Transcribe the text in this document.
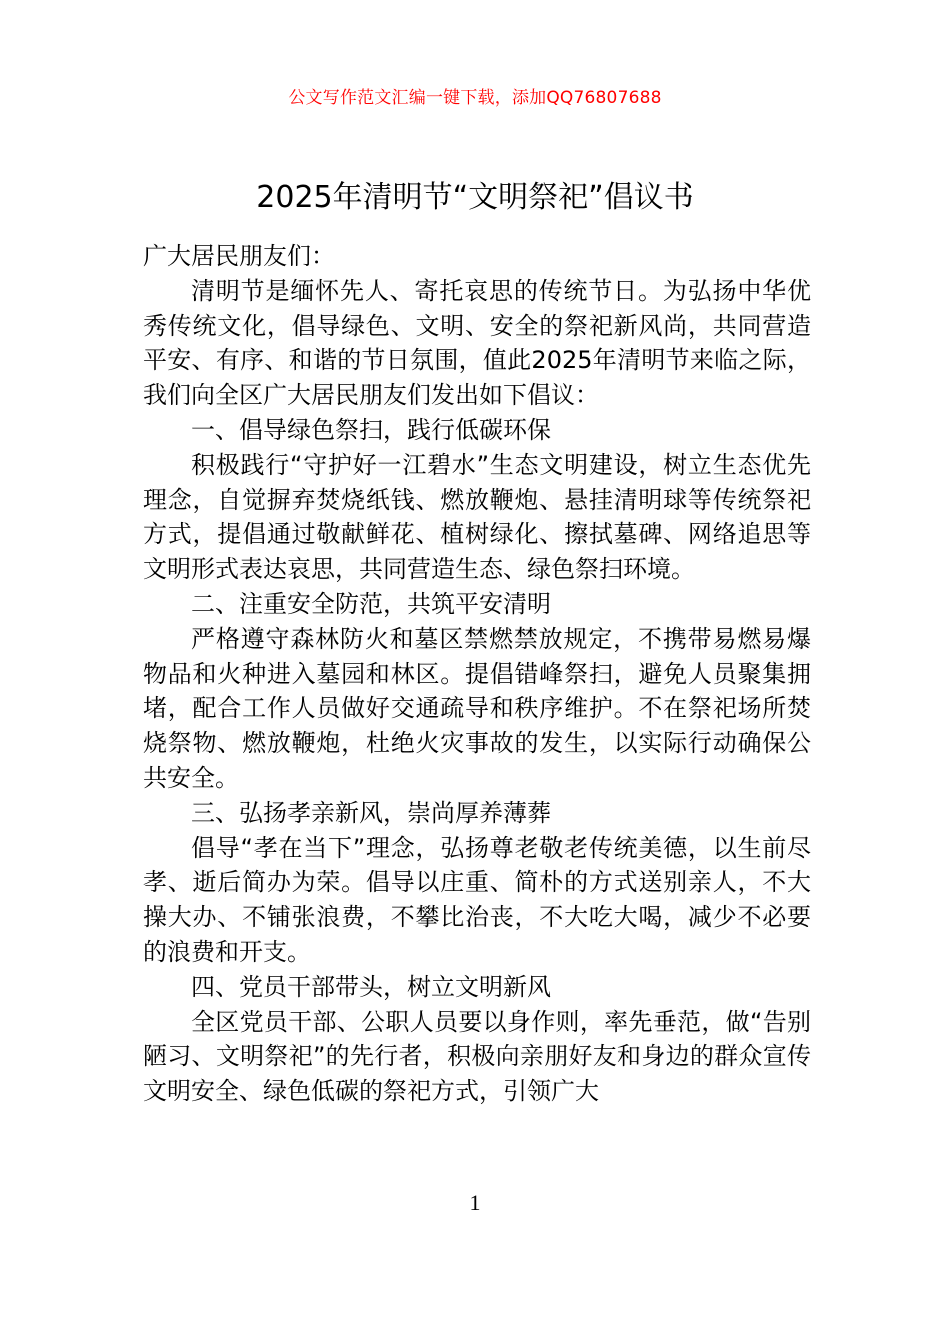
公文写作范文汇编一键下载，添加QQ76807688
2025年清明节“文明祭祀”倡议书

广大居民朋友们：

清明节是缅怀先人、寄托哀思的传统节日。为弘扬中华优秀传统文化，倡导绿色、文明、安全的祭祀新风尚，共同营造平安、有序、和谐的节日氛围，值此2025年清明节来临之际，我们向全区广大居民朋友们发出如下倡议：

一、倡导绿色祭扫，践行低碳环保

积极践行“守护好一江碧水”生态文明建设，树立生态优先理念，自觉摒弃焚烧纸钱、燃放鞭炮、悬挂清明球等传统祭祀方式，提倡通过敬献鲜花、植树绿化、擦拭墓碑、网络追思等文明形式表达哀思，共同营造生态、绿色祭扫环境。

二、注重安全防范，共筑平安清明

严格遵守森林防火和墓区禁燃禁放规定，不携带易燃易爆物品和火种进入墓园和林区。提倡错峰祭扫，避免人员聚集拥堵，配合工作人员做好交通疏导和秩序维护。不在祭祀场所焚烧祭物、燃放鞭炮，杜绝火灾事故的发生，以实际行动确保公共安全。

三、弘扬孝亲新风，崇尚厚养薄葬

倡导“孝在当下”理念，弘扬尊老敬老传统美德，以生前尽孝、逝后简办为荣。倡导以庄重、简朴的方式送别亲人，不大操大办、不铺张浪费，不攀比治丧，不大吃大喝，减少不必要的浪费和开支。

四、党员干部带头，树立文明新风

全区党员干部、公职人员要以身作则，率先垂范，做“告别陋习、文明祭祀”的先行者，积极向亲朋好友和身边的群众宣传文明安全、绿色低碳的祭祀方式，引领广大

1
